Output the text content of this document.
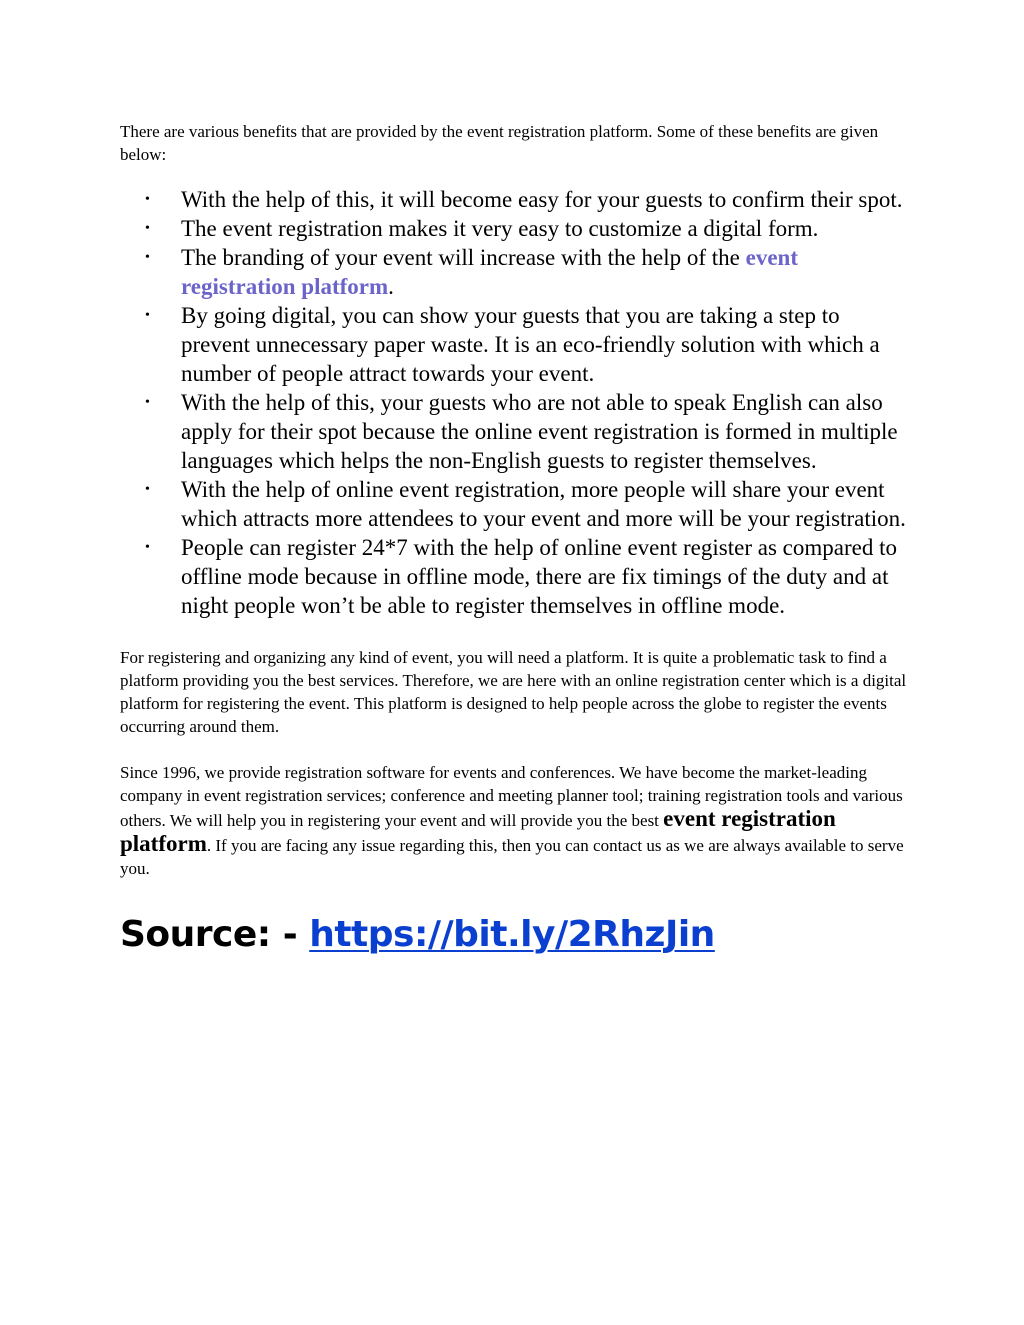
There are various benefits that are provided by the event registration platform. Some of these benefits are given below:

• With the help of this, it will become easy for your guests to confirm their spot.
• The event registration makes it very easy to customize a digital form.
• The branding of your event will increase with the help of the event registration platform.
• By going digital, you can show your guests that you are taking a step to prevent unnecessary paper waste. It is an eco-friendly solution with which a number of people attract towards your event.
• With the help of this, your guests who are not able to speak English can also apply for their spot because the online event registration is formed in multiple languages which helps the non-English guests to register themselves.
• With the help of online event registration, more people will share your event which attracts more attendees to your event and more will be your registration.
• People can register 24*7 with the help of online event register as compared to offline mode because in offline mode, there are fix timings of the duty and at night people won’t be able to register themselves in offline mode.

For registering and organizing any kind of event, you will need a platform. It is quite a problematic task to find a platform providing you the best services. Therefore, we are here with an online registration center which is a digital platform for registering the event. This platform is designed to help people across the globe to register the events occurring around them.

Since 1996, we provide registration software for events and conferences. We have become the market-leading company in event registration services; conference and meeting planner tool; training registration tools and various others. We will help you in registering your event and will provide you the best event registration platform. If you are facing any issue regarding this, then you can contact us as we are always available to serve you.

Source: - https://bit.ly/2RhzJin
